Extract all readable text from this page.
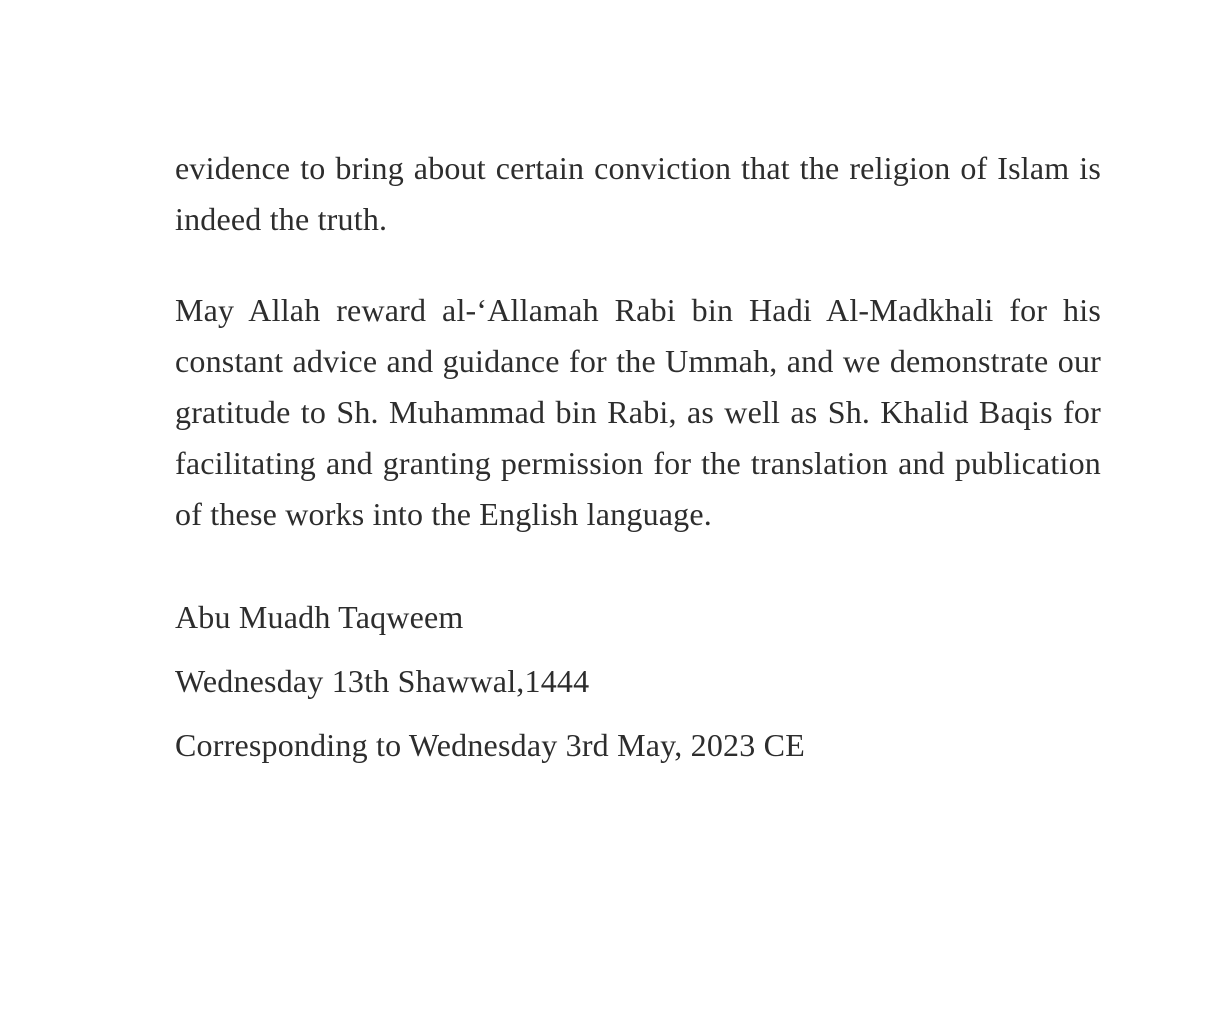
evidence to bring about certain conviction that the religion of Islam is indeed the truth.

May Allah reward al-‘Allamah Rabi bin Hadi Al-Madkhali for his constant advice and guidance for the Ummah, and we demonstrate our gratitude to Sh. Muhammad bin Rabi, as well as Sh. Khalid Baqis for facilitating and granting permission for the translation and publication of these works into the English language.

Abu Muadh Taqweem

Wednesday 13th Shawwal,1444

Corresponding to Wednesday 3rd May, 2023 CE
